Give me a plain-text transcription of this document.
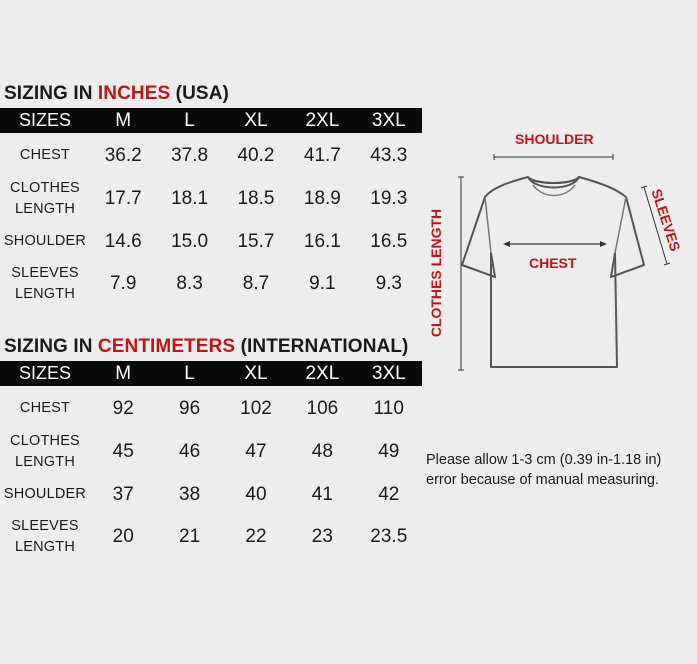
SIZING IN INCHES (USA)
SIZES	M	L	XL	2XL	3XL
CHEST	36.2	37.8	40.2	41.7	43.3
CLOTHES
LENGTH	17.7	18.1	18.5	18.9	19.3
SHOULDER	14.6	15.0	15.7	16.1	16.5
SLEEVES
LENGTH	7.9	8.3	8.7	9.1	9.3
SIZING IN CENTIMETERS (INTERNATIONAL)
SIZES	M	L	XL	2XL	3XL
CHEST	92	96	102	106	110
CLOTHES
LENGTH	45	46	47	48	49
SHOULDER	37	38	40	41	42
SLEEVES
LENGTH	20	21	22	23	23.5
SHOULDER
CHEST
CLOTHES LENGTH	SLEEVES
Please allow 1-3 cm (0.39 in-1.18 in)
error because of manual measuring.
